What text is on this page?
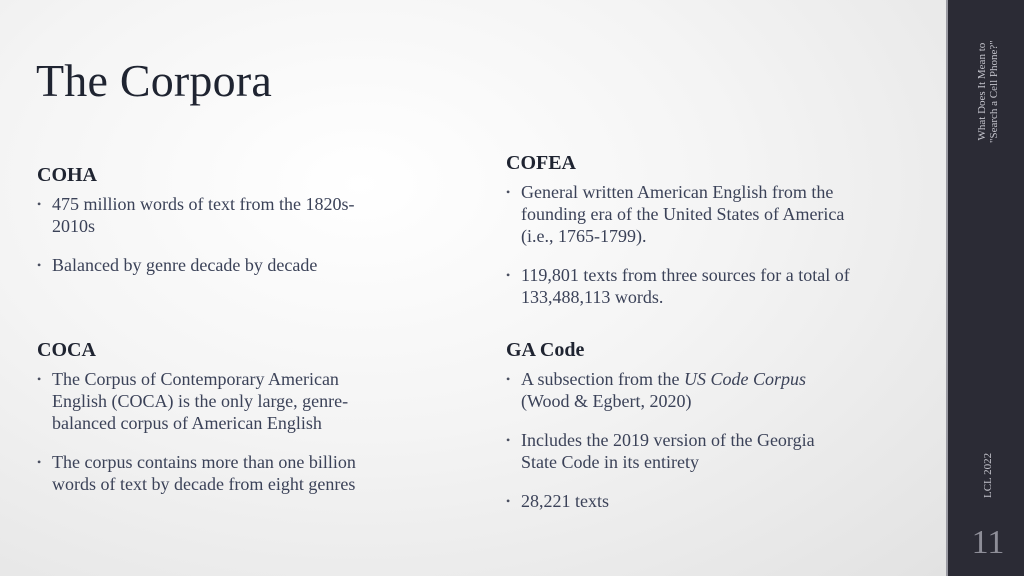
The Corpora
COHA
• 475 million words of text from the 1820s-2010s
• Balanced by genre decade by decade
COFEA
• General written American English from the founding era of the United States of America (i.e., 1765-1799).
• 119,801 texts from three sources for a total of 133,488,113 words.
COCA
• The Corpus of Contemporary American English (COCA) is the only large, genre-balanced corpus of American English
• The corpus contains more than one billion words of text by decade from eight genres
GA Code
• A subsection from the US Code Corpus (Wood & Egbert, 2020)
• Includes the 2019 version of the Georgia State Code in its entirety
• 28,221 texts
What Does It Mean to "Search a Cell Phone?"
LCL 2022
11
